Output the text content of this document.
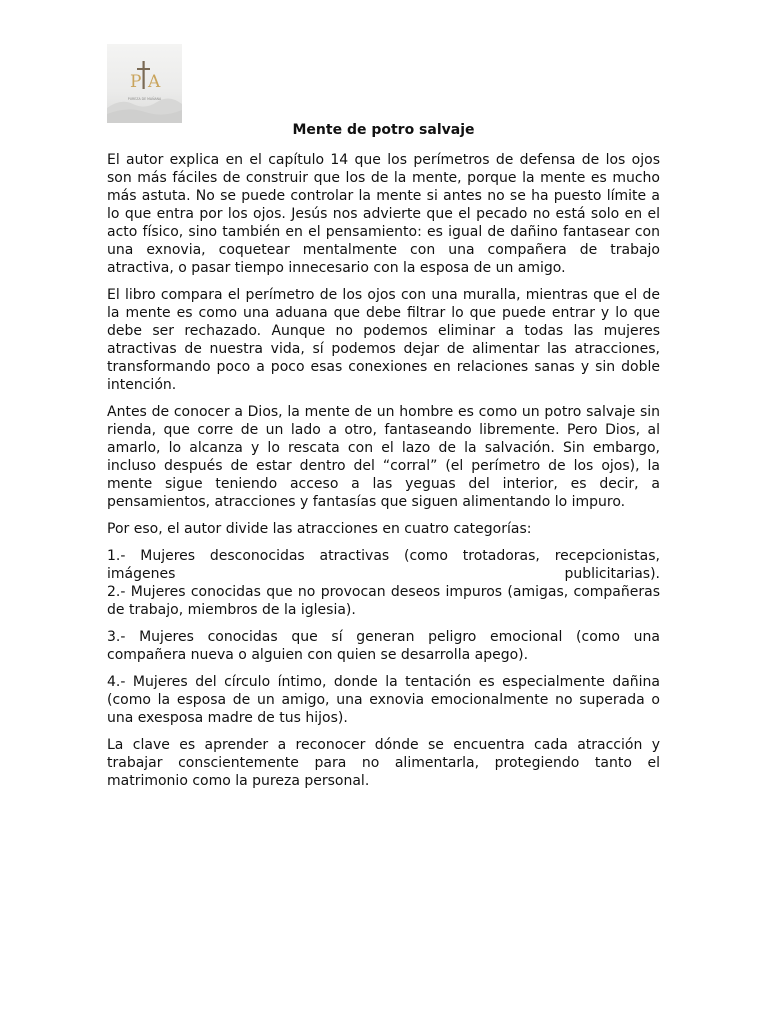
P A
PUREZA DE MAÑANA
Mente de potro salvaje

El autor explica en el capítulo 14 que los perímetros de defensa de los ojos son más fáciles de construir que los de la mente, porque la mente es mucho más astuta. No se puede controlar la mente si antes no se ha puesto límite a lo que entra por los ojos. Jesús nos advierte que el pecado no está solo en el acto físico, sino también en el pensamiento: es igual de dañino fantasear con una exnovia, coquetear mentalmente con una compañera de trabajo atractiva, o pasar tiempo innecesario con la esposa de un amigo.

El libro compara el perímetro de los ojos con una muralla, mientras que el de la mente es como una aduana que debe filtrar lo que puede entrar y lo que debe ser rechazado. Aunque no podemos eliminar a todas las mujeres atractivas de nuestra vida, sí podemos dejar de alimentar las atracciones, transformando poco a poco esas conexiones en relaciones sanas y sin doble intención.

Antes de conocer a Dios, la mente de un hombre es como un potro salvaje sin rienda, que corre de un lado a otro, fantaseando libremente. Pero Dios, al amarlo, lo alcanza y lo rescata con el lazo de la salvación. Sin embargo, incluso después de estar dentro del “corral” (el perímetro de los ojos), la mente sigue teniendo acceso a las yeguas del interior, es decir, a pensamientos, atracciones y fantasías que siguen alimentando lo impuro.

Por eso, el autor divide las atracciones en cuatro categorías:

1.- Mujeres desconocidas atractivas (como trotadoras, recepcionistas, imágenes publicitarias).

2.- Mujeres conocidas que no provocan deseos impuros (amigas, compañeras de trabajo, miembros de la iglesia).

3.- Mujeres conocidas que sí generan peligro emocional (como una compañera nueva o alguien con quien se desarrolla apego).

4.- Mujeres del círculo íntimo, donde la tentación es especialmente dañina (como la esposa de un amigo, una exnovia emocionalmente no superada o una exesposa madre de tus hijos).

La clave es aprender a reconocer dónde se encuentra cada atracción y trabajar conscientemente para no alimentarla, protegiendo tanto el matrimonio como la pureza personal.
